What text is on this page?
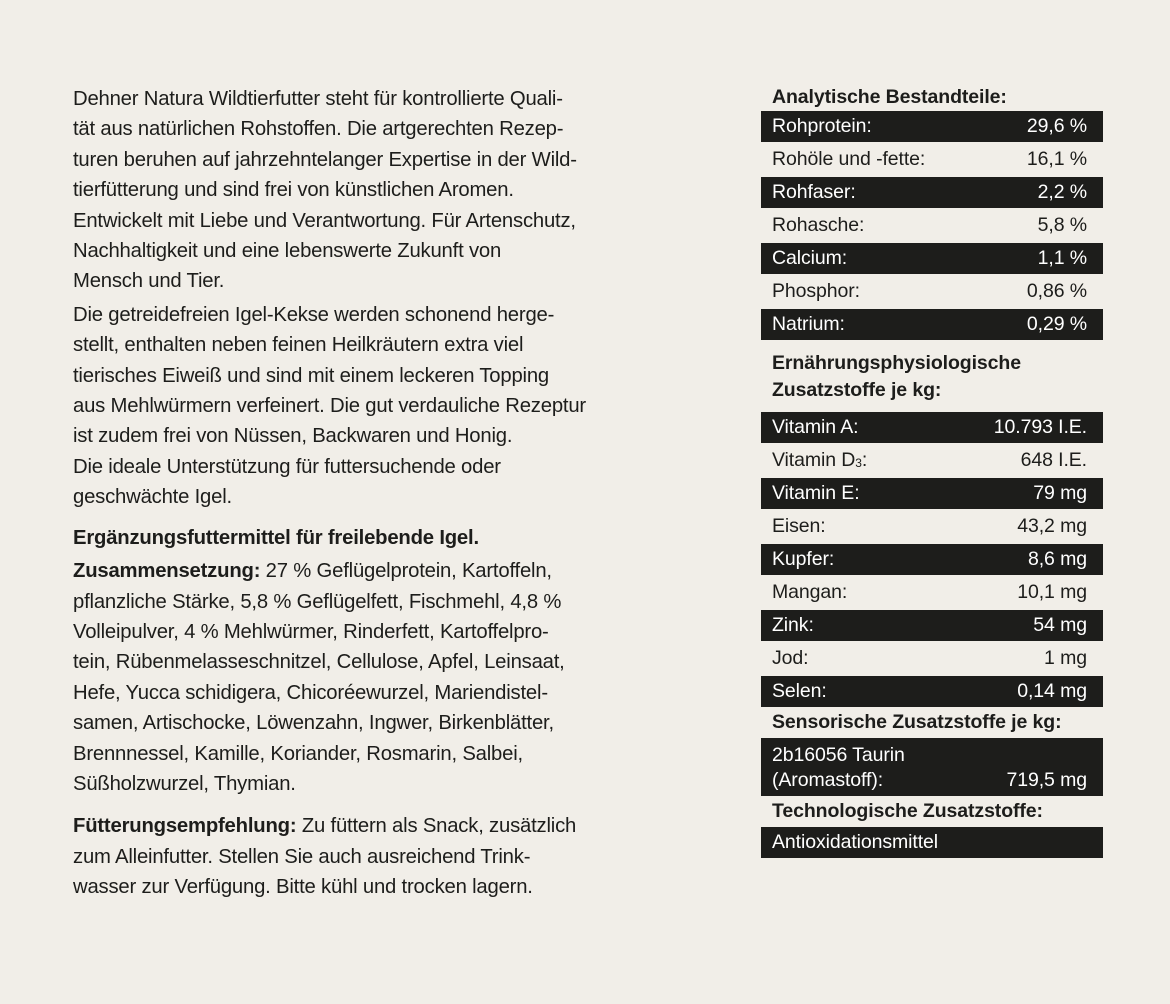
Dehner Natura Wildtierfutter steht für kontrollierte Quali-

tät aus natürlichen Rohstoffen. Die artgerechten Rezep-

turen beruhen auf jahrzehntelanger Expertise in der Wild-

tierfütterung und sind frei von künstlichen Aromen.

Entwickelt mit Liebe und Verantwortung. Für Artenschutz,

Nachhaltigkeit und eine lebenswerte Zukunft von

Mensch und Tier.

Die getreidefreien Igel-Kekse werden schonend herge-

stellt, enthalten neben feinen Heilkräutern extra viel

tierisches Eiweiß und sind mit einem leckeren Topping

aus Mehlwürmern verfeinert. Die gut verdauliche Rezeptur

ist zudem frei von Nüssen, Backwaren und Honig.

Die ideale Unterstützung für futtersuchende oder

geschwächte Igel.

Ergänzungsfuttermittel für freilebende Igel.

Zusammensetzung: 27 % Geflügelprotein, Kartoffeln,

pflanzliche Stärke, 5,8 % Geflügelfett, Fischmehl, 4,8 %

Volleipulver, 4 % Mehlwürmer, Rinderfett, Kartoffelpro-

tein, Rübenmelasseschnitzel, Cellulose, Apfel, Leinsaat,

Hefe, Yucca schidigera, Chicoréewurzel, Mariendistel-

samen, Artischocke, Löwenzahn, Ingwer, Birkenblätter,

Brennnessel, Kamille, Koriander, Rosmarin, Salbei,

Süßholzwurzel, Thymian.

Fütterungsempfehlung: Zu füttern als Snack, zusätzlich

zum Alleinfutter. Stellen Sie auch ausreichend Trink-

wasser zur Verfügung. Bitte kühl und trocken lagern.

Analytische Bestandteile:
Rohprotein:	29,6 %
Rohöle und -fette:	16,1 %
Rohfaser:	2,2 %
Rohasche:	5,8 %
Calcium:	1,1 %
Phosphor:	0,86 %
Natrium:	0,29 %
Ernährungsphysiologische
Zusatzstoffe je kg:
Vitamin A:	10.793 I.E.
Vitamin D3:	648 I.E.
Vitamin E:	79 mg
Eisen:	43,2 mg
Kupfer:	8,6 mg
Mangan:	10,1 mg
Zink:	54 mg
Jod:	1 mg
Selen:	0,14 mg
Sensorische Zusatzstoffe je kg:
2b16056 Taurin
(Aromastoff):	719,5 mg
Technologische Zusatzstoffe:
Antioxidationsmittel
